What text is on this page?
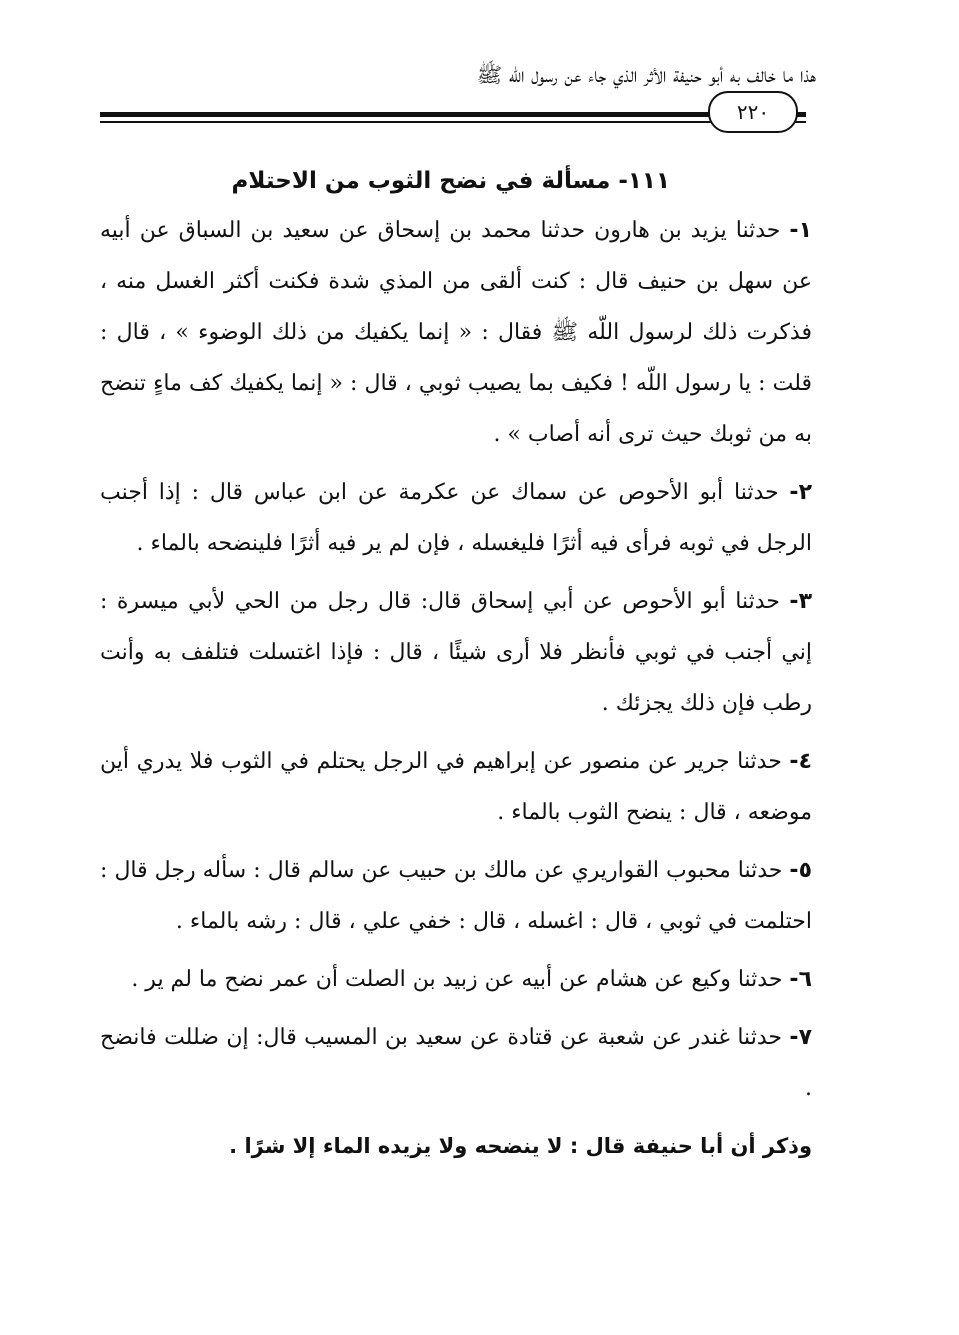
هذا ما خالف به أبو حنيفة الأثر الذي جاء عن رسول اللّه ﷺ
٢٢٠
١١١- مسألة في نضح الثوب من الاحتلام

١- حدثنا يزيد بن هارون حدثنا محمد بن إسحاق عن سعيد بن السباق عن أبيه عن سهل بن حنيف قال : كنت ألقى من المذي شدة فكنت أكثر الغسل منه ، فذكرت ذلك لرسول اللّه ﷺ فقال : « إنما يكفيك من ذلك الوضوء » ، قال : قلت : يا رسول اللّه ! فكيف بما يصيب ثوبي ، قال : « إنما يكفيك كف ماءٍ تنضح به من ثوبك حيث ترى أنه أصاب » .

٢- حدثنا أبو الأحوص عن سماك عن عكرمة عن ابن عباس قال : إذا أجنب الرجل في ثوبه فرأى فيه أثرًا فليغسله ، فإن لم ير فيه أثرًا فلينضحه بالماء .

٣- حدثنا أبو الأحوص عن أبي إسحاق قال: قال رجل من الحي لأبي ميسرة : إني أجنب في ثوبي فأنظر فلا أرى شيئًا ، قال : فإذا اغتسلت فتلفف به وأنت رطب فإن ذلك يجزئك .

٤- حدثنا جرير عن منصور عن إبراهيم في الرجل يحتلم في الثوب فلا يدري أين موضعه ، قال : ينضح الثوب بالماء .

٥- حدثنا محبوب القواريري عن مالك بن حبيب عن سالم قال : سأله رجل قال : احتلمت في ثوبي ، قال : اغسله ، قال : خفي علي ، قال : رشه بالماء .

٦- حدثنا وكيع عن هشام عن أبيه عن زبيد بن الصلت أن عمر نضح ما لم ير .

٧- حدثنا غندر عن شعبة عن قتادة عن سعيد بن المسيب قال: إن ضللت فانضح .

وذكر أن أبا حنيفة قال : لا ينضحه ولا يزيده الماء إلا شرًا .
